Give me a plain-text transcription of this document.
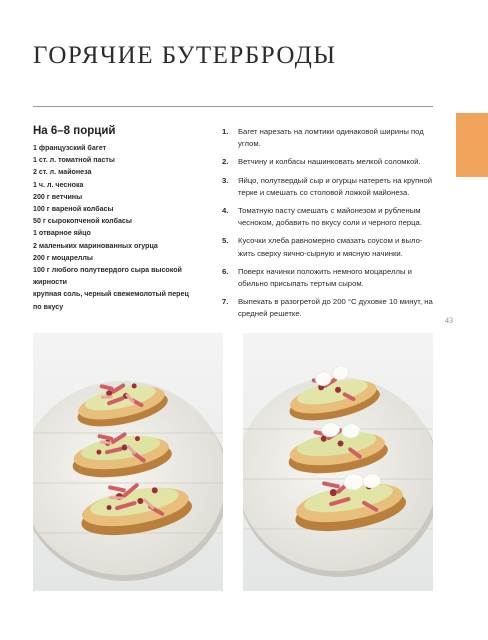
ГОРЯЧИЕ БУТЕРБРОДЫ
На 6–8 порций
1 французский багет
1 ст. л. томатной пасты
2 ст. л. майонеза
1 ч. л. чеснока
200 г ветчины
100 г вареной колбасы
50 г сырокопченой колбасы
1 отварное яйцо
2 маленьких маринованных огурца
200 г моцареллы
100 г любого полутвердого сыра высокой жирности
крупная соль, черный свежемолотый перец по вкусу
1. Багет нарезать на ломтики одинаковой ширины под углом.
2. Ветчину и колбасы нашинковать мелкой соломкой.
3. Яйцо, полутвердый сыр и огурцы натереть на крупной терке и смешать со столовой ложкой майонеза.
4. Томатную пасту смешать с майонезом и рубленым чесноком, добавить по вкусу соли и черного перца.
5. Кусочки хлеба равномерно смазать соусом и выложить сверху яично-сырную и мясную начинки.
6. Поверх начинки положить немного моцареллы и обильно присыпать тертым сыром.
7. Выпекать в разогретой до 200 °С духовке 10 минут, на средней решетке.
43
